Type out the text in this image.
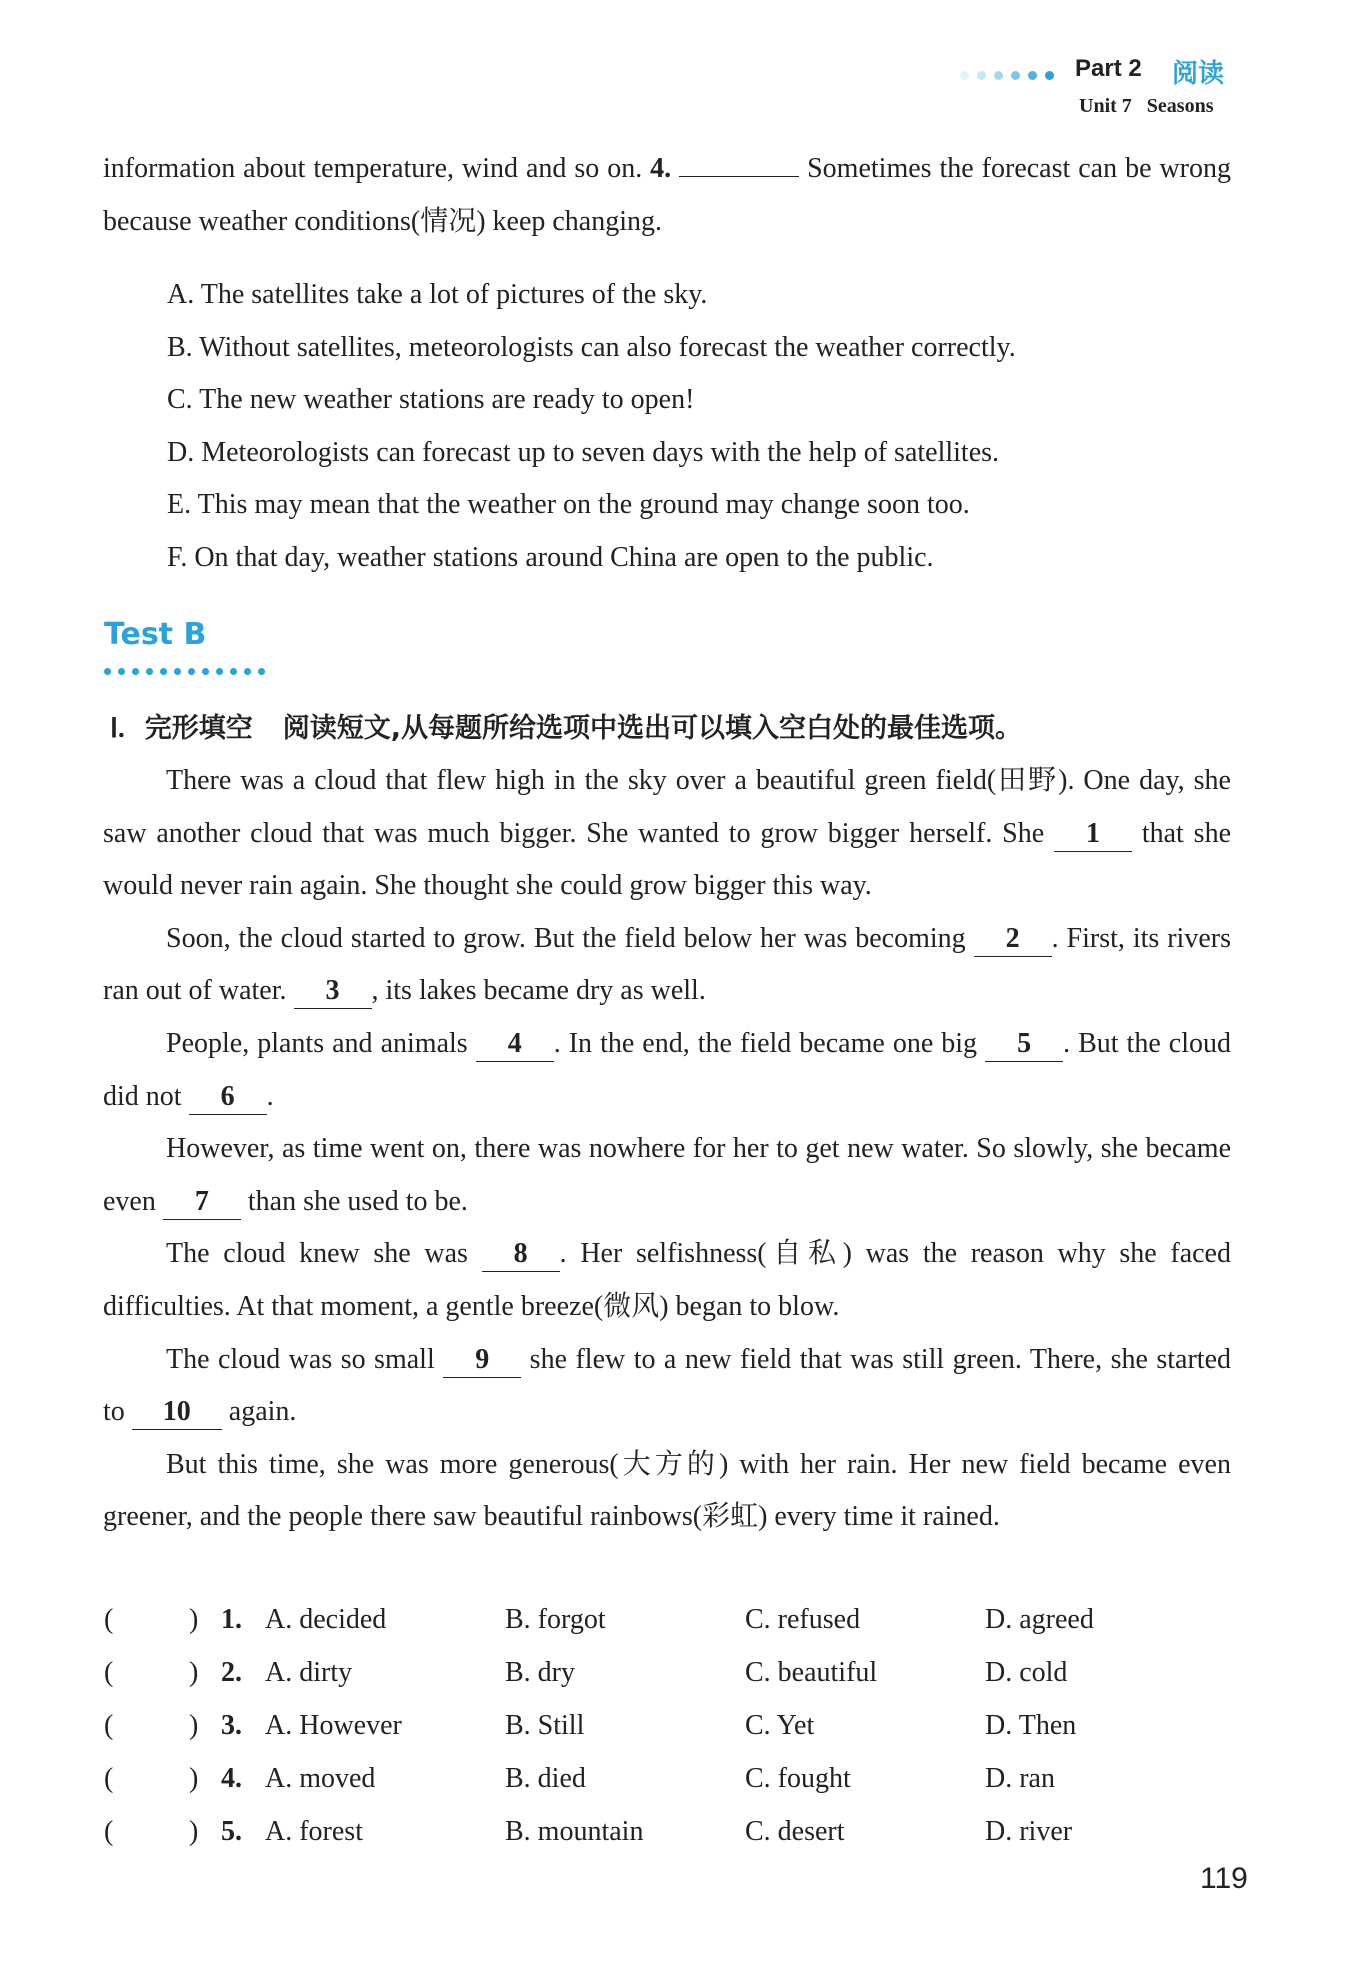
Part 2 阅读
Unit 7 Seasons

information about temperature, wind and so on. 4.	Sometimes the forecast can be wrong because weather conditions(情况) keep changing.

A. The satellites take a lot of pictures of the sky.
B. Without satellites, meteorologists can also forecast the weather correctly.
C. The new weather stations are ready to open!
D. Meteorologists can forecast up to seven days with the help of satellites.
E. This may mean that the weather on the ground may change soon too.
F. On that day, weather stations around China are open to the public.
Test B
Ⅰ. 完形填空 阅读短文,从每题所给选项中选出可以填入空白处的最佳选项。

There was a cloud that flew high in the sky over a beautiful green field(田野). One day, she saw another cloud that was much bigger. She wanted to grow bigger herself. She 1 that she would never rain again. She thought she could grow bigger this way.

Soon, the cloud started to grow. But the field below her was becoming 2 . First, its rivers ran out of water. 3 , its lakes became dry as well.

People, plants and animals 4 . In the end, the field became one big 5 . But the cloud did not 6 .

However, as time went on, there was nowhere for her to get new water. So slowly, she became even 7 than she used to be.

The cloud knew she was 8 . Her selfishness(自私) was the reason why she faced difficulties. At that moment, a gentle breeze(微风) began to blow.

The cloud was so small 9 she flew to a new field that was still green. There, she started to 10 again.

But this time, she was more generous(大方的) with her rain. Her new field became even greener, and the people there saw beautiful rainbows(彩虹) every time it rained.

(	) 1. A. decided	B. forgot	C. refused	D. agreed
(	) 2. A. dirty	B. dry	C. beautiful	D. cold
(	) 3. A. However	B. Still	C. Yet	D. Then
(	) 4. A. moved	B. died	C. fought	D. ran
(	) 5. A. forest	B. mountain	C. desert	D. river
119
